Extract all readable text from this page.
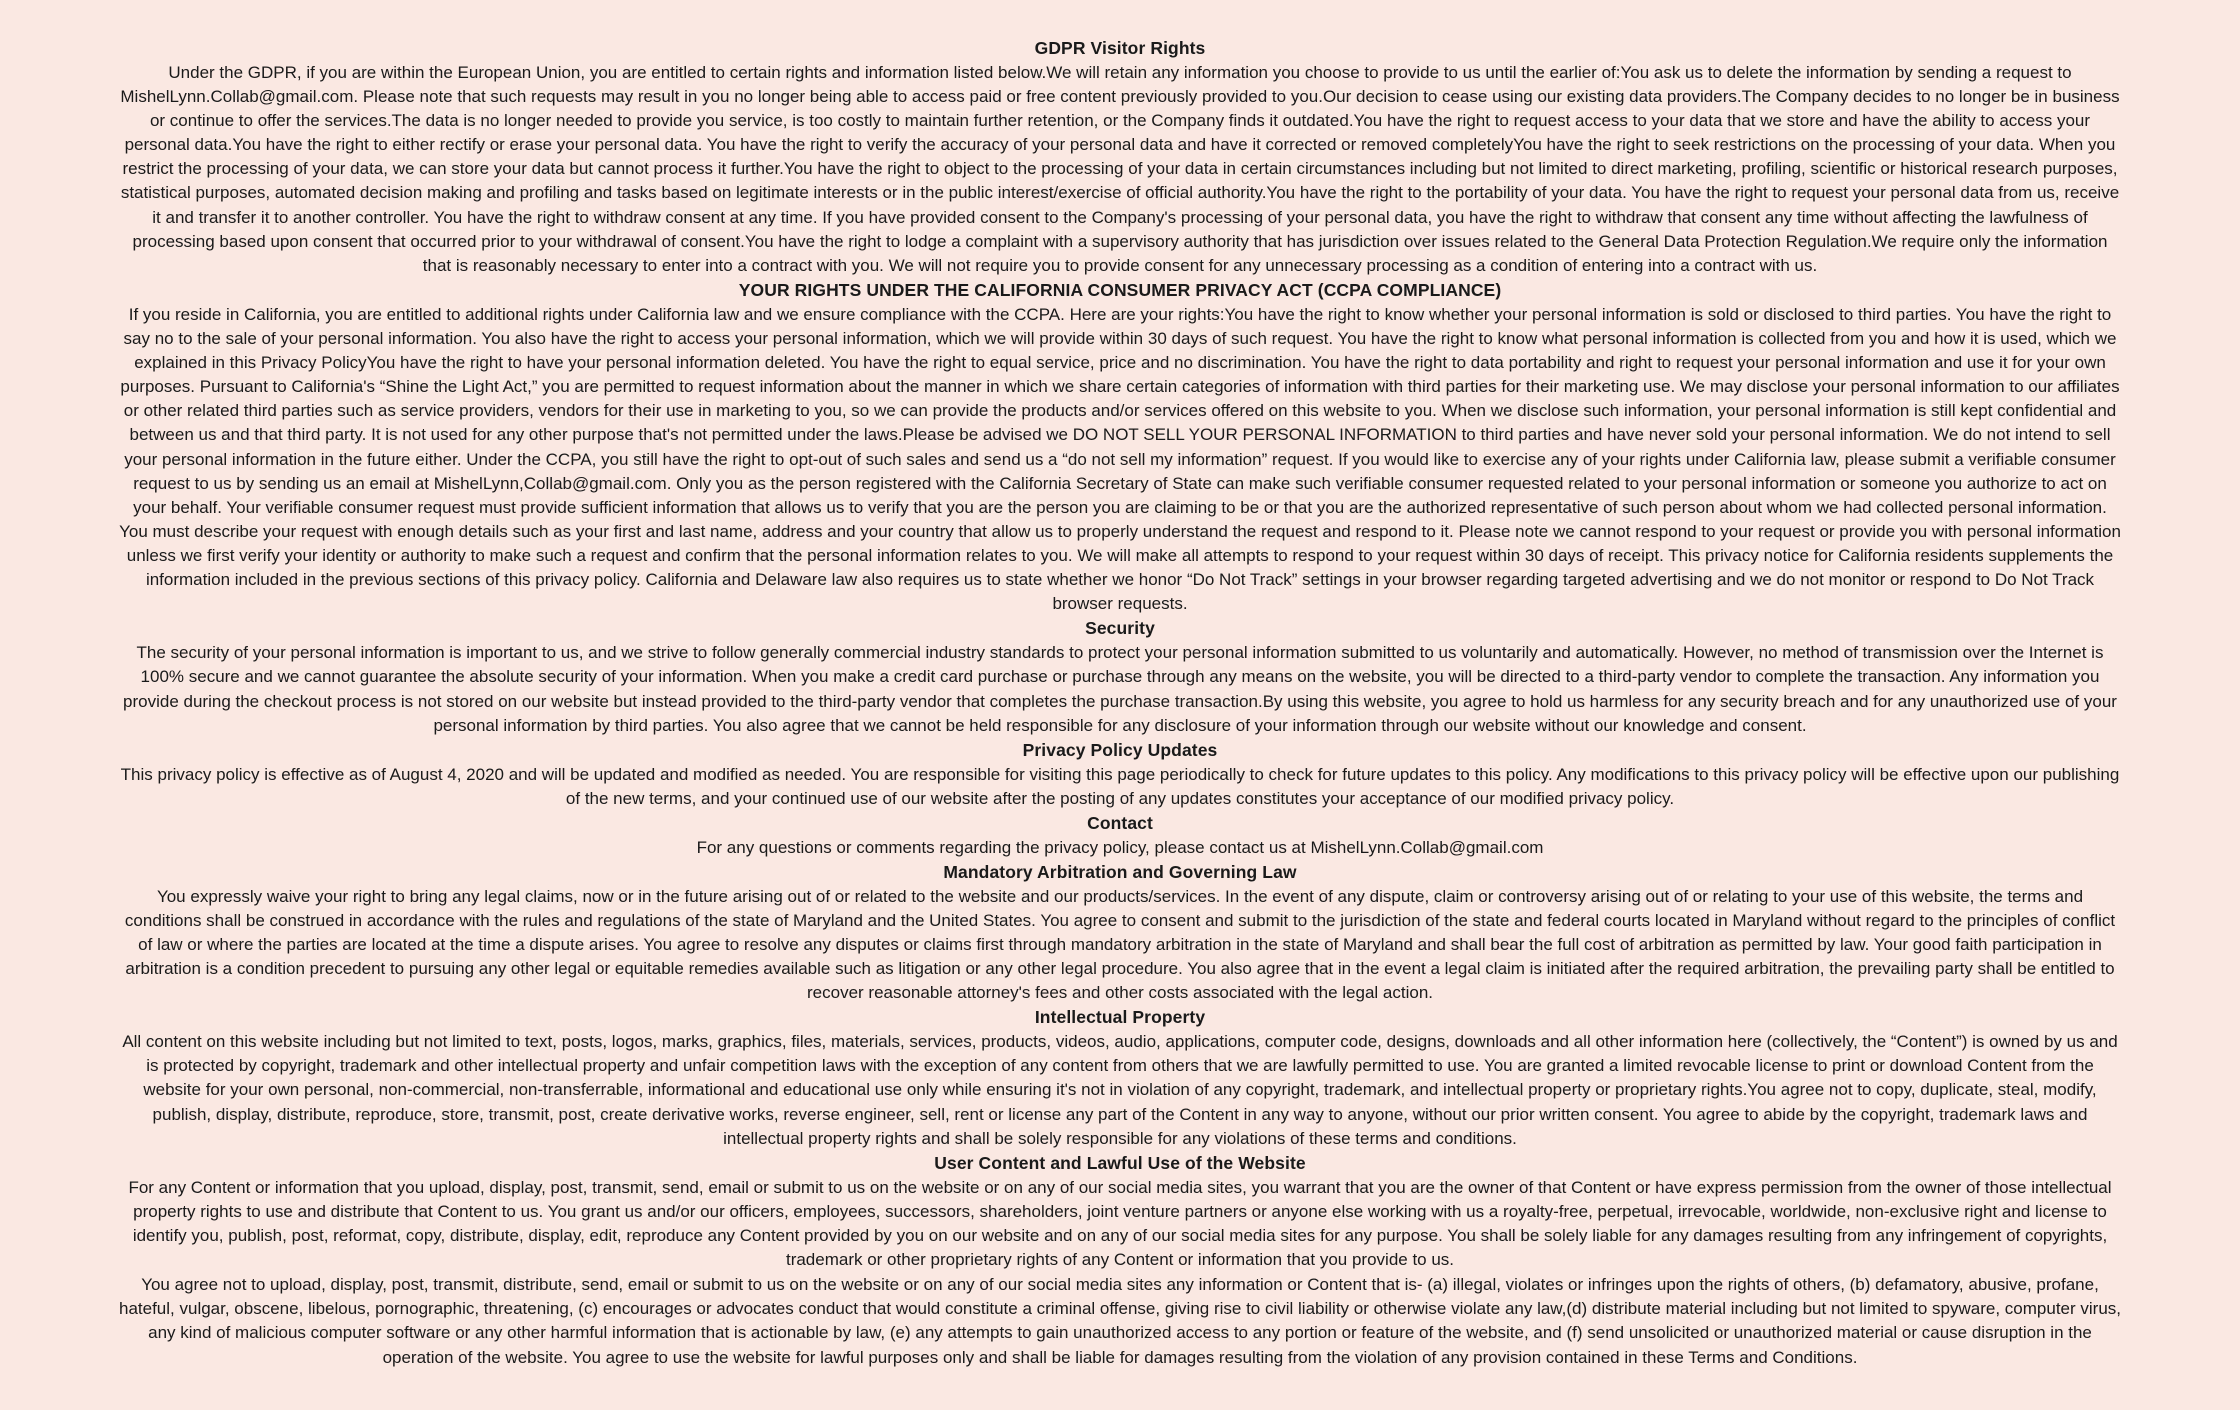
GDPR Visitor Rights

Under the GDPR, if you are within the European Union, you are entitled to certain rights and information listed below.We will retain any information you choose to provide to us until the earlier of:You ask us to delete the information by sending a request to MishelLynn.Collab@gmail.com. Please note that such requests may result in you no longer being able to access paid or free content previously provided to you.Our decision to cease using our existing data providers.The Company decides to no longer be in business or continue to offer the services.The data is no longer needed to provide you service, is too costly to maintain further retention, or the Company finds it outdated.You have the right to request access to your data that we store and have the ability to access your personal data.You have the right to either rectify or erase your personal data. You have the right to verify the accuracy of your personal data and have it corrected or removed completelyYou have the right to seek restrictions on the processing of your data. When you restrict the processing of your data, we can store your data but cannot process it further.You have the right to object to the processing of your data in certain circumstances including but not limited to direct marketing, profiling, scientific or historical research purposes, statistical purposes, automated decision making and profiling and tasks based on legitimate interests or in the public interest/exercise of official authority.You have the right to the portability of your data. You have the right to request your personal data from us, receive it and transfer it to another controller. You have the right to withdraw consent at any time. If you have provided consent to the Company's processing of your personal data, you have the right to withdraw that consent any time without affecting the lawfulness of processing based upon consent that occurred prior to your withdrawal of consent.You have the right to lodge a complaint with a supervisory authority that has jurisdiction over issues related to the General Data Protection Regulation.We require only the information that is reasonably necessary to enter into a contract with you. We will not require you to provide consent for any unnecessary processing as a condition of entering into a contract with us.

YOUR RIGHTS UNDER THE CALIFORNIA CONSUMER PRIVACY ACT (CCPA COMPLIANCE)

If you reside in California, you are entitled to additional rights under California law and we ensure compliance with the CCPA. Here are your rights:You have the right to know whether your personal information is sold or disclosed to third parties. You have the right to say no to the sale of your personal information. You also have the right to access your personal information, which we will provide within 30 days of such request. You have the right to know what personal information is collected from you and how it is used, which we explained in this Privacy PolicyYou have the right to have your personal information deleted. You have the right to equal service, price and no discrimination. You have the right to data portability and right to request your personal information and use it for your own purposes. Pursuant to California's “Shine the Light Act,” you are permitted to request information about the manner in which we share certain categories of information with third parties for their marketing use. We may disclose your personal information to our affiliates or other related third parties such as service providers, vendors for their use in marketing to you, so we can provide the products and/or services offered on this website to you. When we disclose such information, your personal information is still kept confidential and between us and that third party. It is not used for any other purpose that's not permitted under the laws.Please be advised we DO NOT SELL YOUR PERSONAL INFORMATION to third parties and have never sold your personal information. We do not intend to sell your personal information in the future either. Under the CCPA, you still have the right to opt-out of such sales and send us a “do not sell my information” request. If you would like to exercise any of your rights under California law, please submit a verifiable consumer request to us by sending us an email at MishelLynn,Collab@gmail.com. Only you as the person registered with the California Secretary of State can make such verifiable consumer requested related to your personal information or someone you authorize to act on your behalf. Your verifiable consumer request must provide sufficient information that allows us to verify that you are the person you are claiming to be or that you are the authorized representative of such person about whom we had collected personal information. You must describe your request with enough details such as your first and last name, address and your country that allow us to properly understand the request and respond to it. Please note we cannot respond to your request or provide you with personal information unless we first verify your identity or authority to make such a request and confirm that the personal information relates to you. We will make all attempts to respond to your request within 30 days of receipt. This privacy notice for California residents supplements the information included in the previous sections of this privacy policy. California and Delaware law also requires us to state whether we honor “Do Not Track” settings in your browser regarding targeted advertising and we do not monitor or respond to Do Not Track browser requests.

Security

The security of your personal information is important to us, and we strive to follow generally commercial industry standards to protect your personal information submitted to us voluntarily and automatically. However, no method of transmission over the Internet is 100% secure and we cannot guarantee the absolute security of your information. When you make a credit card purchase or purchase through any means on the website, you will be directed to a third-party vendor to complete the transaction. Any information you provide during the checkout process is not stored on our website but instead provided to the third-party vendor that completes the purchase transaction.By using this website, you agree to hold us harmless for any security breach and for any unauthorized use of your personal information by third parties. You also agree that we cannot be held responsible for any disclosure of your information through our website without our knowledge and consent.

Privacy Policy Updates

This privacy policy is effective as of August 4, 2020 and will be updated and modified as needed. You are responsible for visiting this page periodically to check for future updates to this policy. Any modifications to this privacy policy will be effective upon our publishing of the new terms, and your continued use of our website after the posting of any updates constitutes your acceptance of our modified privacy policy.

Contact

For any questions or comments regarding the privacy policy, please contact us at MishelLynn.Collab@gmail.com

Mandatory Arbitration and Governing Law

You expressly waive your right to bring any legal claims, now or in the future arising out of or related to the website and our products/services. In the event of any dispute, claim or controversy arising out of or relating to your use of this website, the terms and conditions shall be construed in accordance with the rules and regulations of the state of Maryland and the United States. You agree to consent and submit to the jurisdiction of the state and federal courts located in Maryland without regard to the principles of conflict of law or where the parties are located at the time a dispute arises. You agree to resolve any disputes or claims first through mandatory arbitration in the state of Maryland and shall bear the full cost of arbitration as permitted by law. Your good faith participation in arbitration is a condition precedent to pursuing any other legal or equitable remedies available such as litigation or any other legal procedure. You also agree that in the event a legal claim is initiated after the required arbitration, the prevailing party shall be entitled to recover reasonable attorney's fees and other costs associated with the legal action.

Intellectual Property

All content on this website including but not limited to text, posts, logos, marks, graphics, files, materials, services, products, videos, audio, applications, computer code, designs, downloads and all other information here (collectively, the “Content”) is owned by us and is protected by copyright, trademark and other intellectual property and unfair competition laws with the exception of any content from others that we are lawfully permitted to use. You are granted a limited revocable license to print or download Content from the website for your own personal, non-commercial, non-transferrable, informational and educational use only while ensuring it's not in violation of any copyright, trademark, and intellectual property or proprietary rights.You agree not to copy, duplicate, steal, modify, publish, display, distribute, reproduce, store, transmit, post, create derivative works, reverse engineer, sell, rent or license any part of the Content in any way to anyone, without our prior written consent. You agree to abide by the copyright, trademark laws and intellectual property rights and shall be solely responsible for any violations of these terms and conditions.

User Content and Lawful Use of the Website

For any Content or information that you upload, display, post, transmit, send, email or submit to us on the website or on any of our social media sites, you warrant that you are the owner of that Content or have express permission from the owner of those intellectual property rights to use and distribute that Content to us. You grant us and/or our officers, employees, successors, shareholders, joint venture partners or anyone else working with us a royalty-free, perpetual, irrevocable, worldwide, non-exclusive right and license to identify you, publish, post, reformat, copy, distribute, display, edit, reproduce any Content provided by you on our website and on any of our social media sites for any purpose. You shall be solely liable for any damages resulting from any infringement of copyrights, trademark or other proprietary rights of any Content or information that you provide to us.

You agree not to upload, display, post, transmit, distribute, send, email or submit to us on the website or on any of our social media sites any information or Content that is- (a) illegal, violates or infringes upon the rights of others, (b) defamatory, abusive, profane, hateful, vulgar, obscene, libelous, pornographic, threatening, (c) encourages or advocates conduct that would constitute a criminal offense, giving rise to civil liability or otherwise violate any law,(d) distribute material including but not limited to spyware, computer virus, any kind of malicious computer software or any other harmful information that is actionable by law, (e) any attempts to gain unauthorized access to any portion or feature of the website, and (f) send unsolicited or unauthorized material or cause disruption in the operation of the website. You agree to use the website for lawful purposes only and shall be liable for damages resulting from the violation of any provision contained in these Terms and Conditions.
